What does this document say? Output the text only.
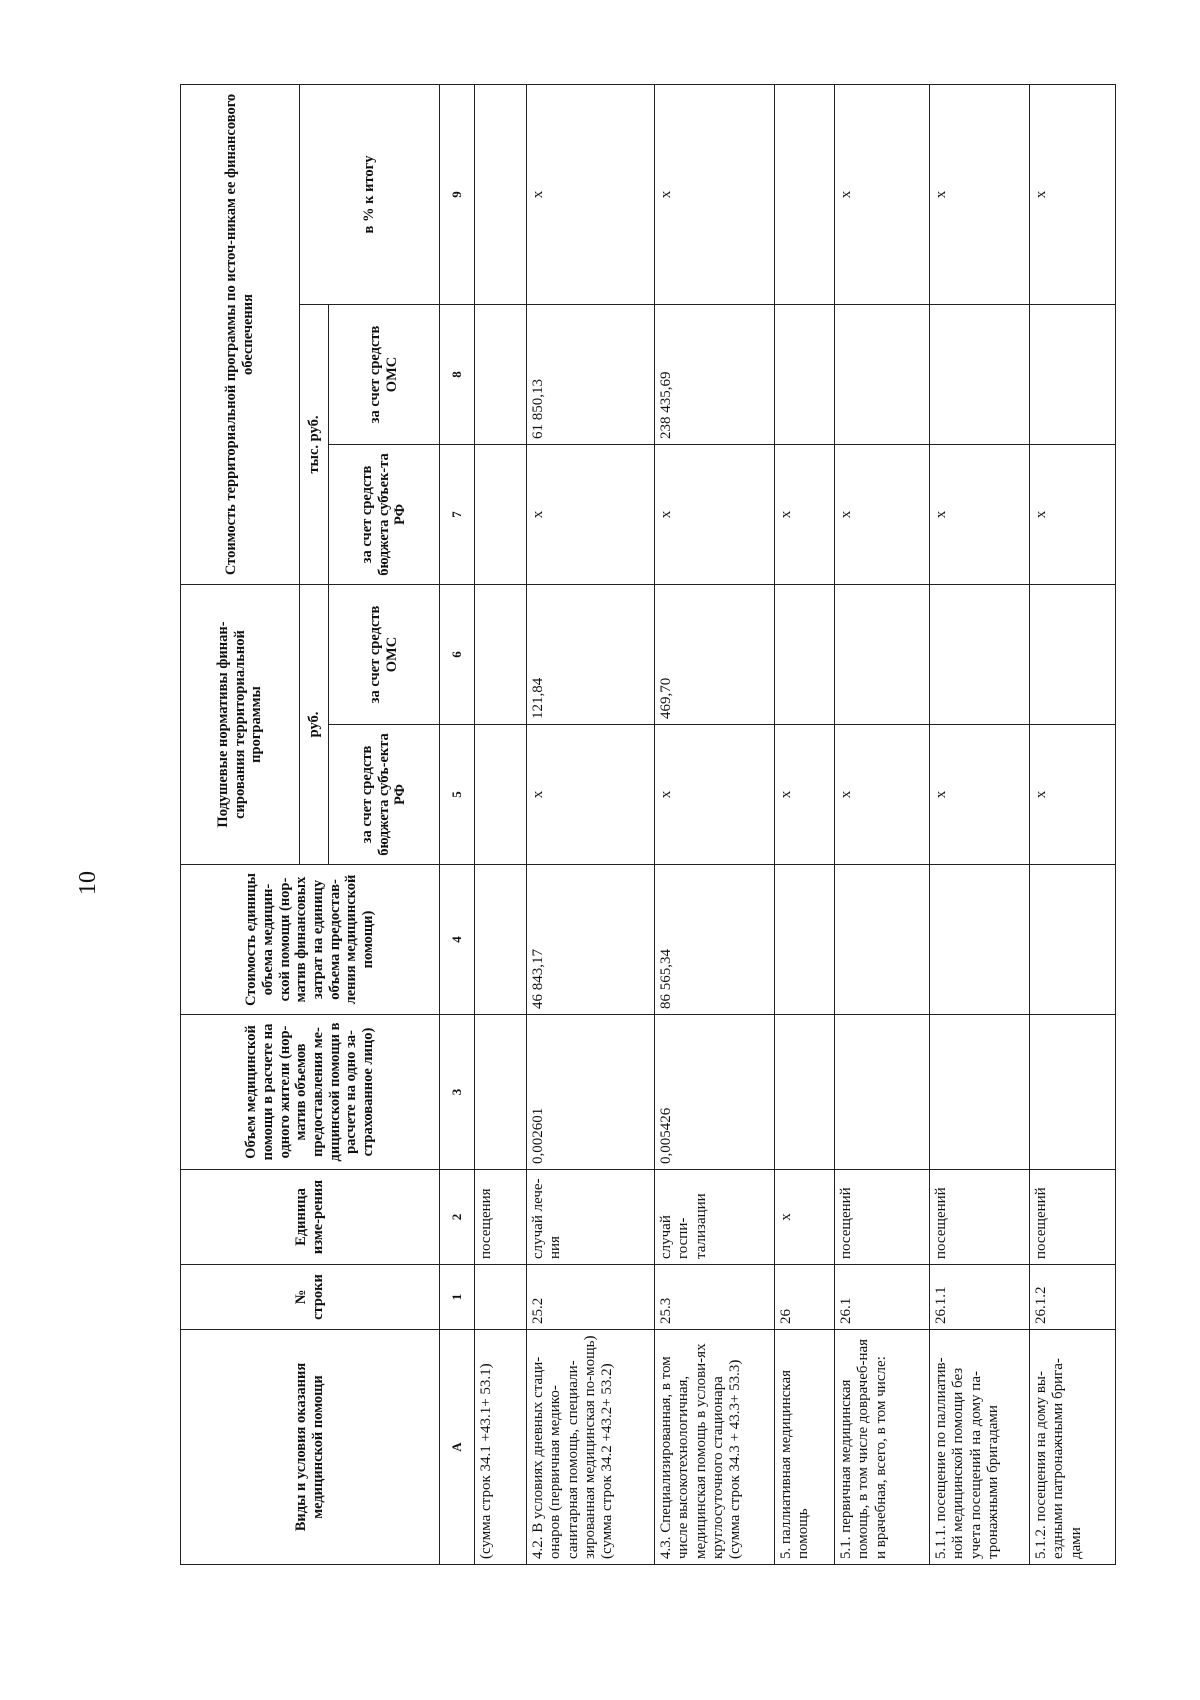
10
Виды и условия оказания медицинской помощи	№ строки	Единица изме-рения	Объем медицинской помощи в расчете на одного жители (нор-матив объемов предоставления ме-дицинской помощи в расчете на одно за-страхованное лицо)	Стоимость единицы объема медицин-ской помощи (нор-матив финансовых затрат на единицу объема предостав-ления медицинской помощи)	Подушевые нормативы финан-сирования территориальной программы		Стоимость территориальной программы по источ-никам ее финансового обеспечения		
					руб.		тыс. руб.		в % к итогу
					за счет средств бюджета субъ-екта РФ	за счет средств ОМС	за счет средств бюджета субъек-та РФ	за счет средств ОМС	
А	1	2	3	4	5	6	7	8	9
(сумма строк 34.1 +43.1+ 53.1)		посещения							
4.2. В условиях дневных стаци-онаров (первичная медико-санитарная помощь, специали-зированная медицинская по-мощь) (сумма строк 34.2 +43.2+ 53.2)	25.2	случай лече-ния	0,002601	46 843,17	x	121,84	x	61 850,13	x
4.3. Специализированная, в том числе высокотехнологичная, медицинская помощь в услови-ях круглосуточного стационара (сумма строк 34.3 + 43.3+ 53.3)	25.3	случай госпи-тализации	0,005426	86 565,34	x	469,70	x	238 435,69	x
5. паллиативная медицинская помощь	26	x			x		x		
5.1. первичная медицинская помощь, в том числе доврачеб-ная и врачебная, всего, в том числе:	26.1	посещений			x		x		x
5.1.1. посещение по паллиатив-ной медицинской помощи без учета посещений на дому па-тронажными бригадами	26.1.1	посещений			x		x		x
5.1.2. посещения на дому вы-ездными патронажными брига-дами	26.1.2	посещений			x		x		x
